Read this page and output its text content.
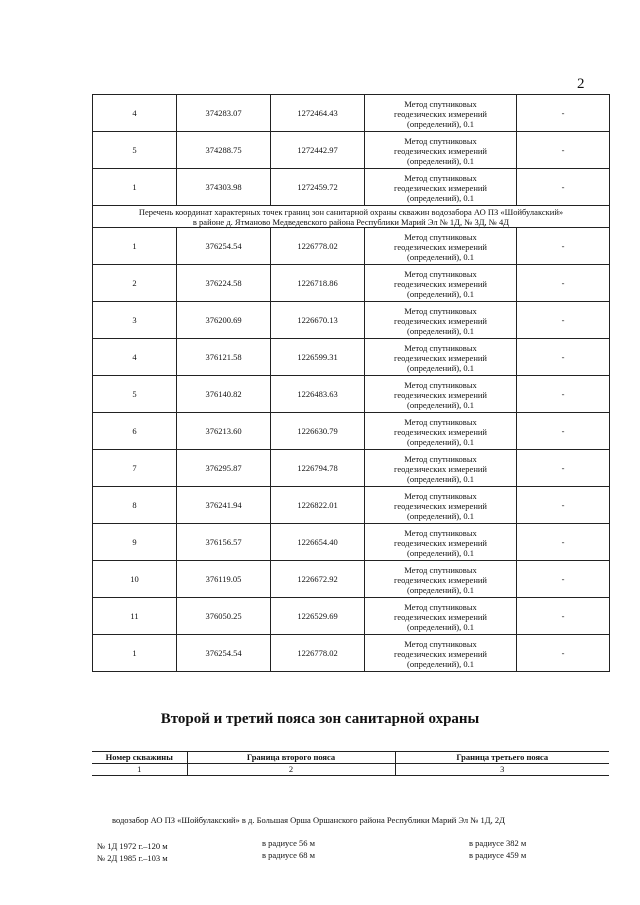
2
4	374283.07	1272464.43	Метод спутниковых
геодезических измерений
(определений), 0.1	-
5	374288.75	1272442.97	Метод спутниковых
геодезических измерений
(определений), 0.1	-
1	374303.98	1272459.72	Метод спутниковых
геодезических измерений
(определений), 0.1	-

Перечень координат характерных точек границ зон санитарной охраны скважин водозабора АО ПЗ «Шойбулакский»
в районе д. Ятманово Медведевского района Республики Марий Эл № 1Д, № 3Д, № 4Д				

1	376254.54	1226778.02	Метод спутниковых
геодезических измерений
(определений), 0.1	-
2	376224.58	1226718.86	Метод спутниковых
геодезических измерений
(определений), 0.1	-
3	376200.69	1226670.13	Метод спутниковых
геодезических измерений
(определений), 0.1	-
4	376121.58	1226599.31	Метод спутниковых
геодезических измерений
(определений), 0.1	-
5	376140.82	1226483.63	Метод спутниковых
геодезических измерений
(определений), 0.1	-
6	376213.60	1226630.79	Метод спутниковых
геодезических измерений
(определений), 0.1	-
7	376295.87	1226794.78	Метод спутниковых
геодезических измерений
(определений), 0.1	-
8	376241.94	1226822.01	Метод спутниковых
геодезических измерений
(определений), 0.1	-
9	376156.57	1226654.40	Метод спутниковых
геодезических измерений
(определений), 0.1	-
10	376119.05	1226672.92	Метод спутниковых
геодезических измерений
(определений), 0.1	-
11	376050.25	1226529.69	Метод спутниковых
геодезических измерений
(определений), 0.1	-
1	376254.54	1226778.02	Метод спутниковых
геодезических измерений
(определений), 0.1	-
Второй и третий пояса зон санитарной охраны
Номер скважины	Граница второго пояса	Граница третьего пояса
1	2	3
водозабор АО ПЗ «Шойбулакский» в д. Большая Орша Оршанского района Республики Марий Эл № 1Д, 2Д
№ 1Д 1972 г.–120 м	в радиусе 56 м	в радиусе 382 м
№ 2Д 1985 г.–103 м	в радиусе 68 м	в радиусе 459 м
